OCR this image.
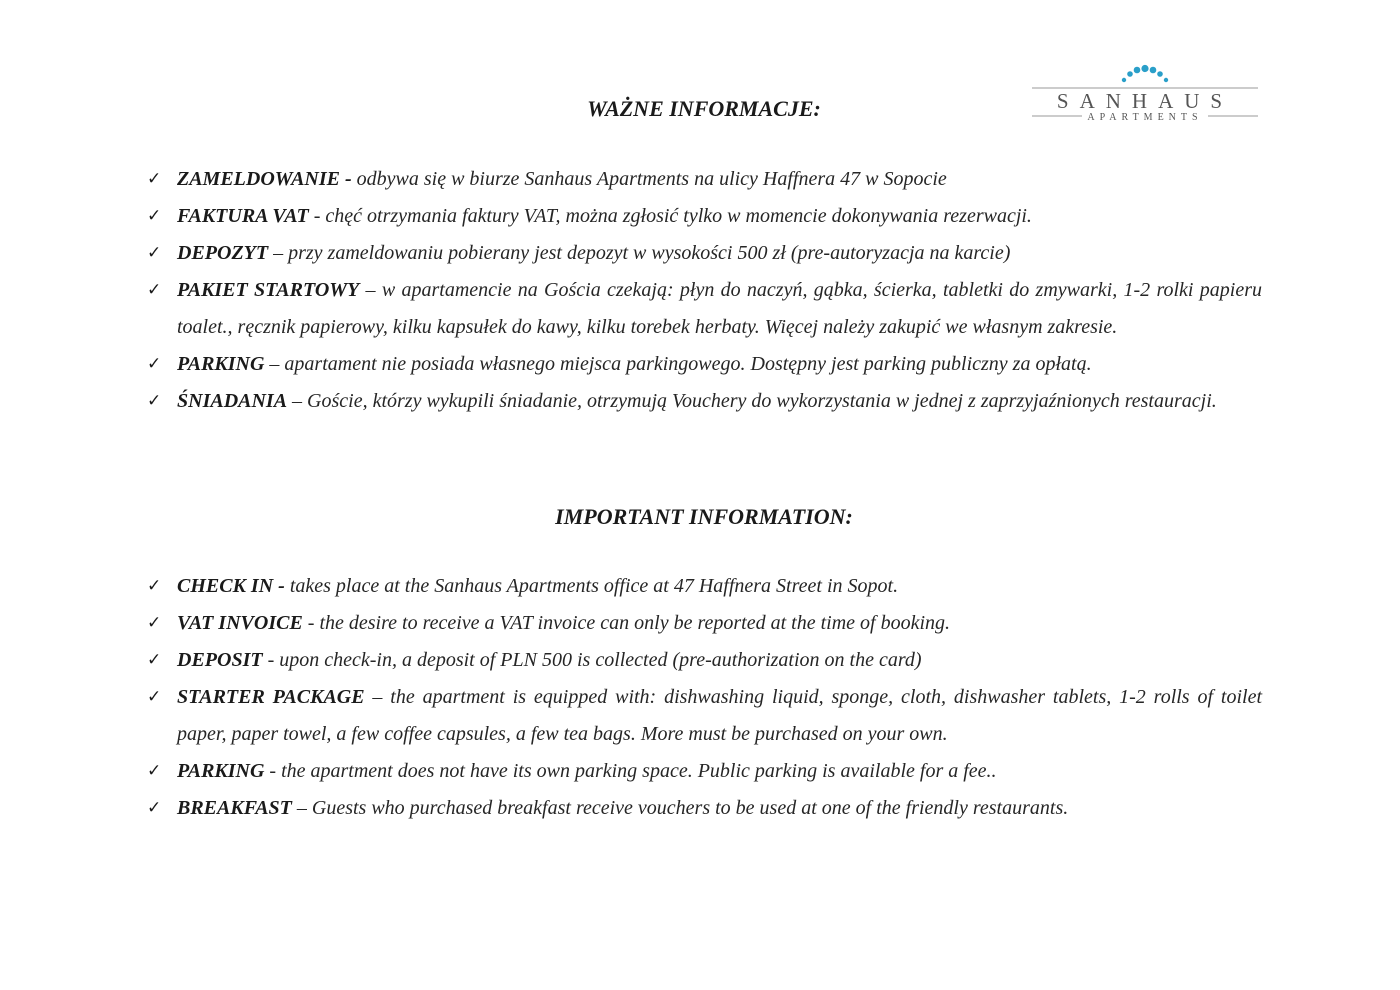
SANHAUS
APARTMENTS
WAŻNE INFORMACJE:
✓ ZAMELDOWANIE - odbywa się w biurze Sanhaus Apartments na ulicy Haffnera 47 w Sopocie
✓ FAKTURA VAT - chęć otrzymania faktury VAT, można zgłosić tylko w momencie dokonywania rezerwacji.
✓ DEPOZYT – przy zameldowaniu pobierany jest depozyt w wysokości 500 zł (pre-autoryzacja na karcie)
✓ PAKIET STARTOWY – w apartamencie na Gościa czekają: płyn do naczyń, gąbka, ścierka, tabletki do zmywarki, 1-2 rolki papieru toalet., ręcznik papierowy, kilku kapsułek do kawy, kilku torebek herbaty. Więcej należy zakupić we własnym zakresie.
✓ PARKING – apartament nie posiada własnego miejsca parkingowego. Dostępny jest parking publiczny za opłatą.
✓ ŚNIADANIA – Goście, którzy wykupili śniadanie, otrzymują Vouchery do wykorzystania w jednej z zaprzyjaźnionych restauracji.
IMPORTANT INFORMATION:
✓ CHECK IN - takes place at the Sanhaus Apartments office at 47 Haffnera Street in Sopot.
✓ VAT INVOICE - the desire to receive a VAT invoice can only be reported at the time of booking.
✓ DEPOSIT - upon check-in, a deposit of PLN 500 is collected (pre-authorization on the card)
✓ STARTER PACKAGE – the apartment is equipped with: dishwashing liquid, sponge, cloth, dishwasher tablets, 1-2 rolls of toilet paper, paper towel, a few coffee capsules, a few tea bags. More must be purchased on your own.
✓ PARKING - the apartment does not have its own parking space. Public parking is available for a fee..
✓ BREAKFAST – Guests who purchased breakfast receive vouchers to be used at one of the friendly restaurants.
